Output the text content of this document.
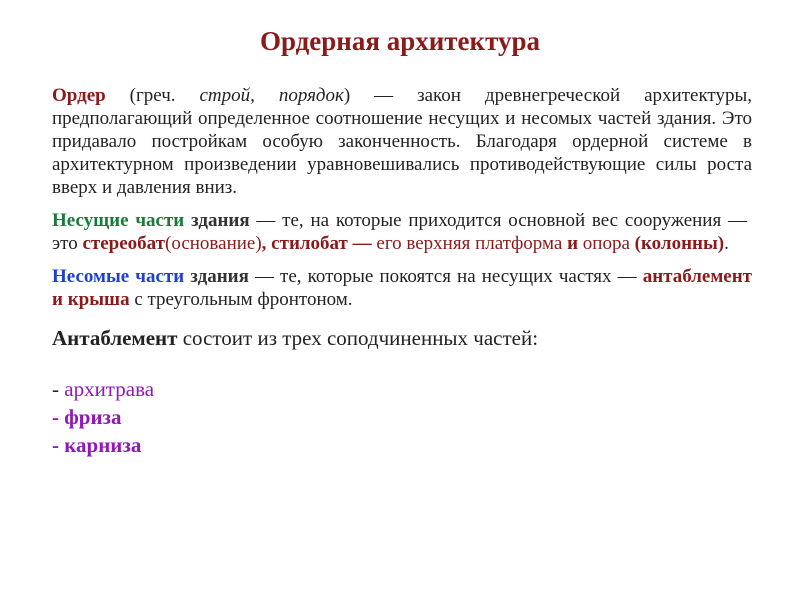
Ордерная архитектура

Ордер (греч. строй, порядок) — закон древнегреческой архитектуры, предполагающий определенное соотношение несущих и несомых частей здания. Это придавало постройкам особую законченность. Благодаря ордерной системе в архитектурном произведении уравновешивались противодействующие силы роста вверх и давления вниз.

Несущие части здания — те, на которые приходится основной вес сооружения — это стереобат(основание), стилобат — его верхняя платформа и опора (колонны).

Несомые части здания — те, которые покоятся на несущих частях — антаблемент и крыша с треугольным фронтоном.

Антаблемент состоит из трех соподчиненных частей:

- архитрава
- фриза
- карниза
